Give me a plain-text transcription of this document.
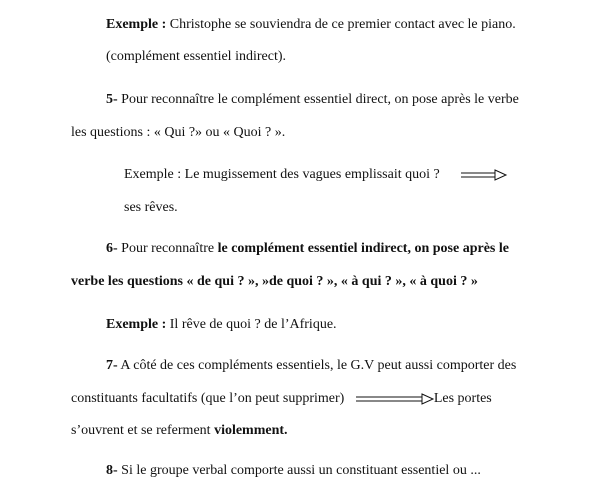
Exemple : Christophe se souviendra de ce premier contact avec le piano.
(complément essentiel indirect).
5- Pour reconnaître le complément essentiel direct, on pose après le verbe
les questions : « Qui ?» ou « Quoi ? ».
Exemple : Le mugissement des vagues emplissait quoi ?
ses rêves.
6- Pour reconnaître le complément essentiel indirect, on pose après le
verbe les questions « de qui ? », »de quoi ? », « à qui ? », « à quoi ? »
Exemple : Il rêve de quoi ? de l’Afrique.
7- A côté de ces compléments essentiels, le G.V peut aussi comporter des
constituants facultatifs (que l’on peut supprimer)	Les portes
s’ouvrent et se referment violemment.
8- Si le groupe verbal comporte aussi un constituant essentiel ou ...
